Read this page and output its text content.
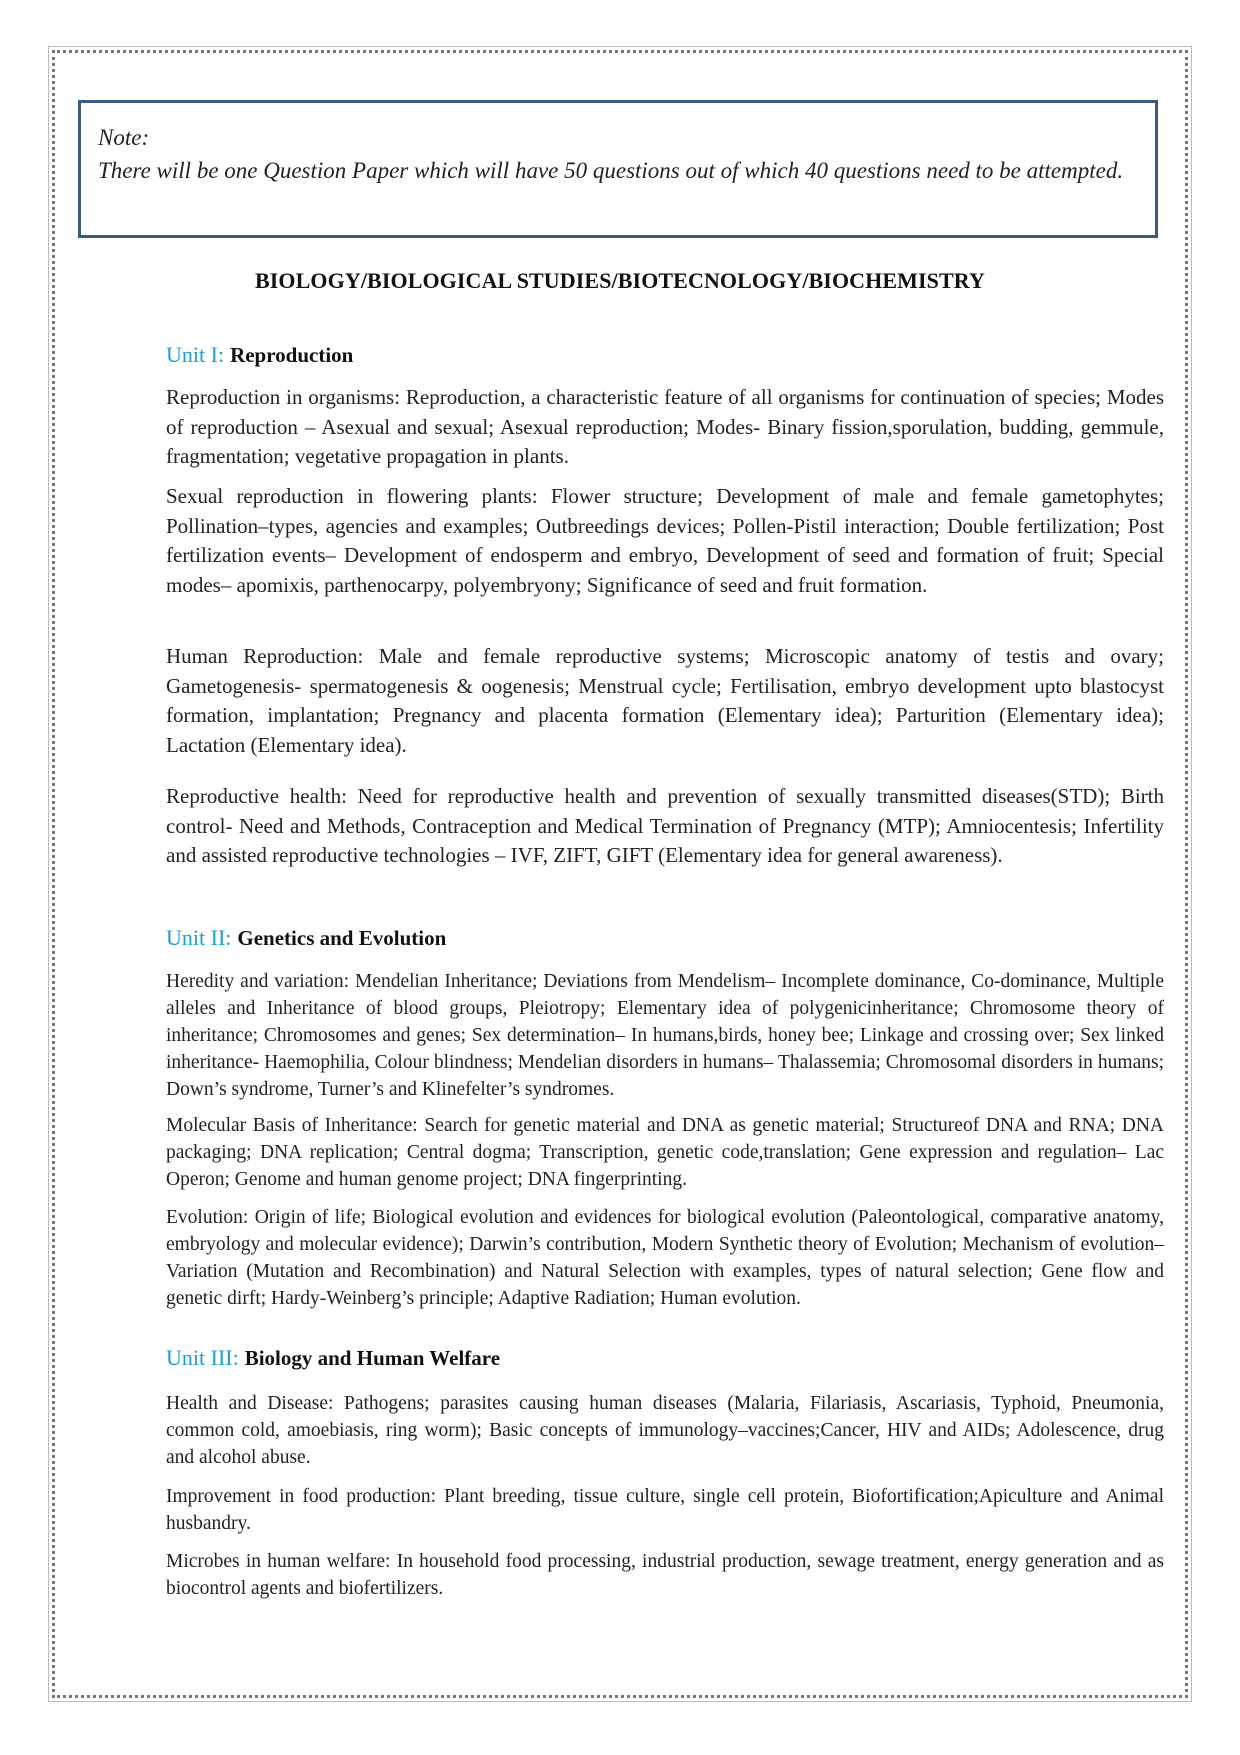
Note:
There will be one Question Paper which will have 50 questions out of which 40 questions need to be attempted.
BIOLOGY/BIOLOGICAL STUDIES/BIOTECNOLOGY/BIOCHEMISTRY
Unit I: Reproduction
Reproduction in organisms: Reproduction, a characteristic feature of all organisms for continuation of species; Modes of reproduction – Asexual and sexual; Asexual reproduction; Modes- Binary fission,sporulation, budding, gemmule, fragmentation; vegetative propagation in plants.
Sexual reproduction in flowering plants: Flower structure; Development of male and female gametophytes; Pollination–types, agencies and examples; Outbreedings devices; Pollen-Pistil interaction; Double fertilization; Post fertilization events– Development of endosperm and embryo, Development of seed and formation of fruit; Special modes– apomixis, parthenocarpy, polyembryony; Significance of seed and fruit formation.
Human Reproduction: Male and female reproductive systems; Microscopic anatomy of testis and ovary; Gametogenesis- spermatogenesis & oogenesis; Menstrual cycle; Fertilisation, embryo development upto blastocyst formation, implantation; Pregnancy and placenta formation (Elementary idea); Parturition (Elementary idea); Lactation (Elementary idea).
Reproductive health: Need for reproductive health and prevention of sexually transmitted diseases(STD); Birth control- Need and Methods, Contraception and Medical Termination of Pregnancy (MTP); Amniocentesis; Infertility and assisted reproductive technologies – IVF, ZIFT, GIFT (Elementary idea for general awareness).
Unit II: Genetics and Evolution
Heredity and variation: Mendelian Inheritance; Deviations from Mendelism– Incomplete dominance, Co-dominance, Multiple alleles and Inheritance of blood groups, Pleiotropy; Elementary idea of polygenicinheritance; Chromosome theory of inheritance; Chromosomes and genes; Sex determination– In humans,birds, honey bee; Linkage and crossing over; Sex linked inheritance- Haemophilia, Colour blindness; Mendelian disorders in humans– Thalassemia; Chromosomal disorders in humans; Down’s syndrome, Turner’s and Klinefelter’s syndromes.
Molecular Basis of Inheritance: Search for genetic material and DNA as genetic material; Structureof DNA and RNA; DNA packaging; DNA replication; Central dogma; Transcription, genetic code,translation; Gene expression and regulation– Lac Operon; Genome and human genome project; DNA fingerprinting.
Evolution: Origin of life; Biological evolution and evidences for biological evolution (Paleontological, comparative anatomy, embryology and molecular evidence); Darwin’s contribution, Modern Synthetic theory of Evolution; Mechanism of evolution– Variation (Mutation and Recombination) and Natural Selection with examples, types of natural selection; Gene flow and genetic dirft; Hardy-Weinberg’s principle; Adaptive Radiation; Human evolution.
Unit III: Biology and Human Welfare
Health and Disease: Pathogens; parasites causing human diseases (Malaria, Filariasis, Ascariasis, Typhoid, Pneumonia, common cold, amoebiasis, ring worm); Basic concepts of immunology–vaccines;Cancer, HIV and AIDs; Adolescence, drug and alcohol abuse.
Improvement in food production: Plant breeding, tissue culture, single cell protein, Biofortification;Apiculture and Animal husbandry.
Microbes in human welfare: In household food processing, industrial production, sewage treatment, energy generation and as biocontrol agents and biofertilizers.
